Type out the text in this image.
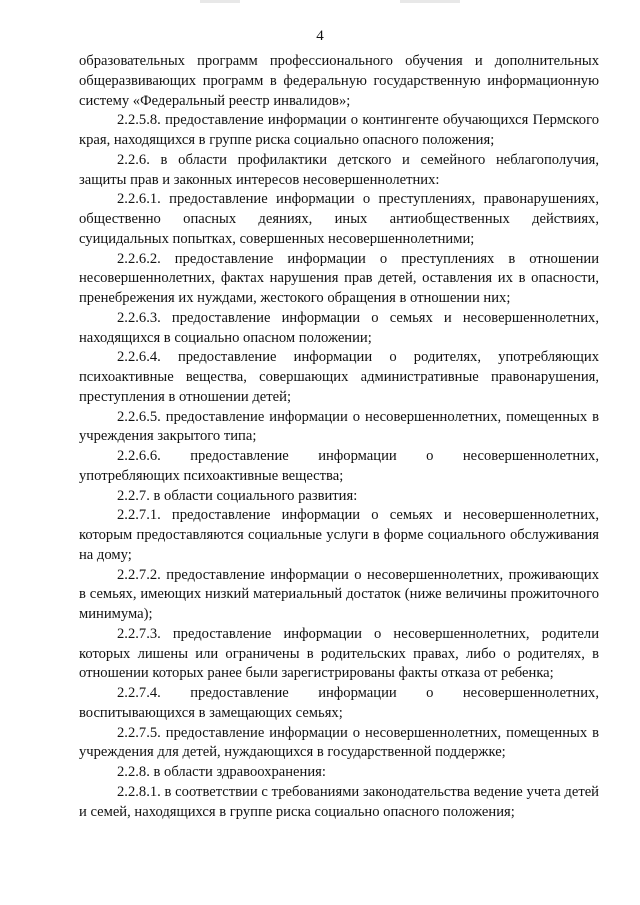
4

образовательных программ профессионального обучения и дополнительных общеразвивающих программ в федеральную государственную информационную систему «Федеральный реестр инвалидов»;

2.2.5.8. предоставление информации о контингенте обучающихся Пермского края, находящихся в группе риска социально опасного положения;

2.2.6. в области профилактики детского и семейного неблагополучия, защиты прав и законных интересов несовершеннолетних:

2.2.6.1. предоставление информации о преступлениях, правонарушениях, общественно опасных деяниях, иных антиобщественных действиях, суицидальных попытках, совершенных несовершеннолетними;

2.2.6.2. предоставление информации о преступлениях в отношении несовершеннолетних, фактах нарушения прав детей, оставления их в опасности, пренебрежения их нуждами, жестокого обращения в отношении них;

2.2.6.3. предоставление информации о семьях и несовершеннолетних, находящихся в социально опасном положении;

2.2.6.4. предоставление информации о родителях, употребляющих психоактивные вещества, совершающих административные правонарушения, преступления в отношении детей;

2.2.6.5. предоставление информации о несовершеннолетних, помещенных в учреждения закрытого типа;

2.2.6.6. предоставление информации о несовершеннолетних, употребляющих психоактивные вещества;

2.2.7. в области социального развития:

2.2.7.1. предоставление информации о семьях и несовершеннолетних, которым предоставляются социальные услуги в форме социального обслуживания на дому;

2.2.7.2. предоставление информации о несовершеннолетних, проживающих в семьях, имеющих низкий материальный достаток (ниже величины прожиточного минимума);

2.2.7.3. предоставление информации о несовершеннолетних, родители которых лишены или ограничены в родительских правах, либо о родителях, в отношении которых ранее были зарегистрированы факты отказа от ребенка;

2.2.7.4. предоставление информации о несовершеннолетних, воспитывающихся в замещающих семьях;

2.2.7.5. предоставление информации о несовершеннолетних, помещенных в учреждения для детей, нуждающихся в государственной поддержке;

2.2.8. в области здравоохранения:

2.2.8.1. в соответствии с требованиями законодательства ведение учета детей и семей, находящихся в группе риска социально опасного положения;
